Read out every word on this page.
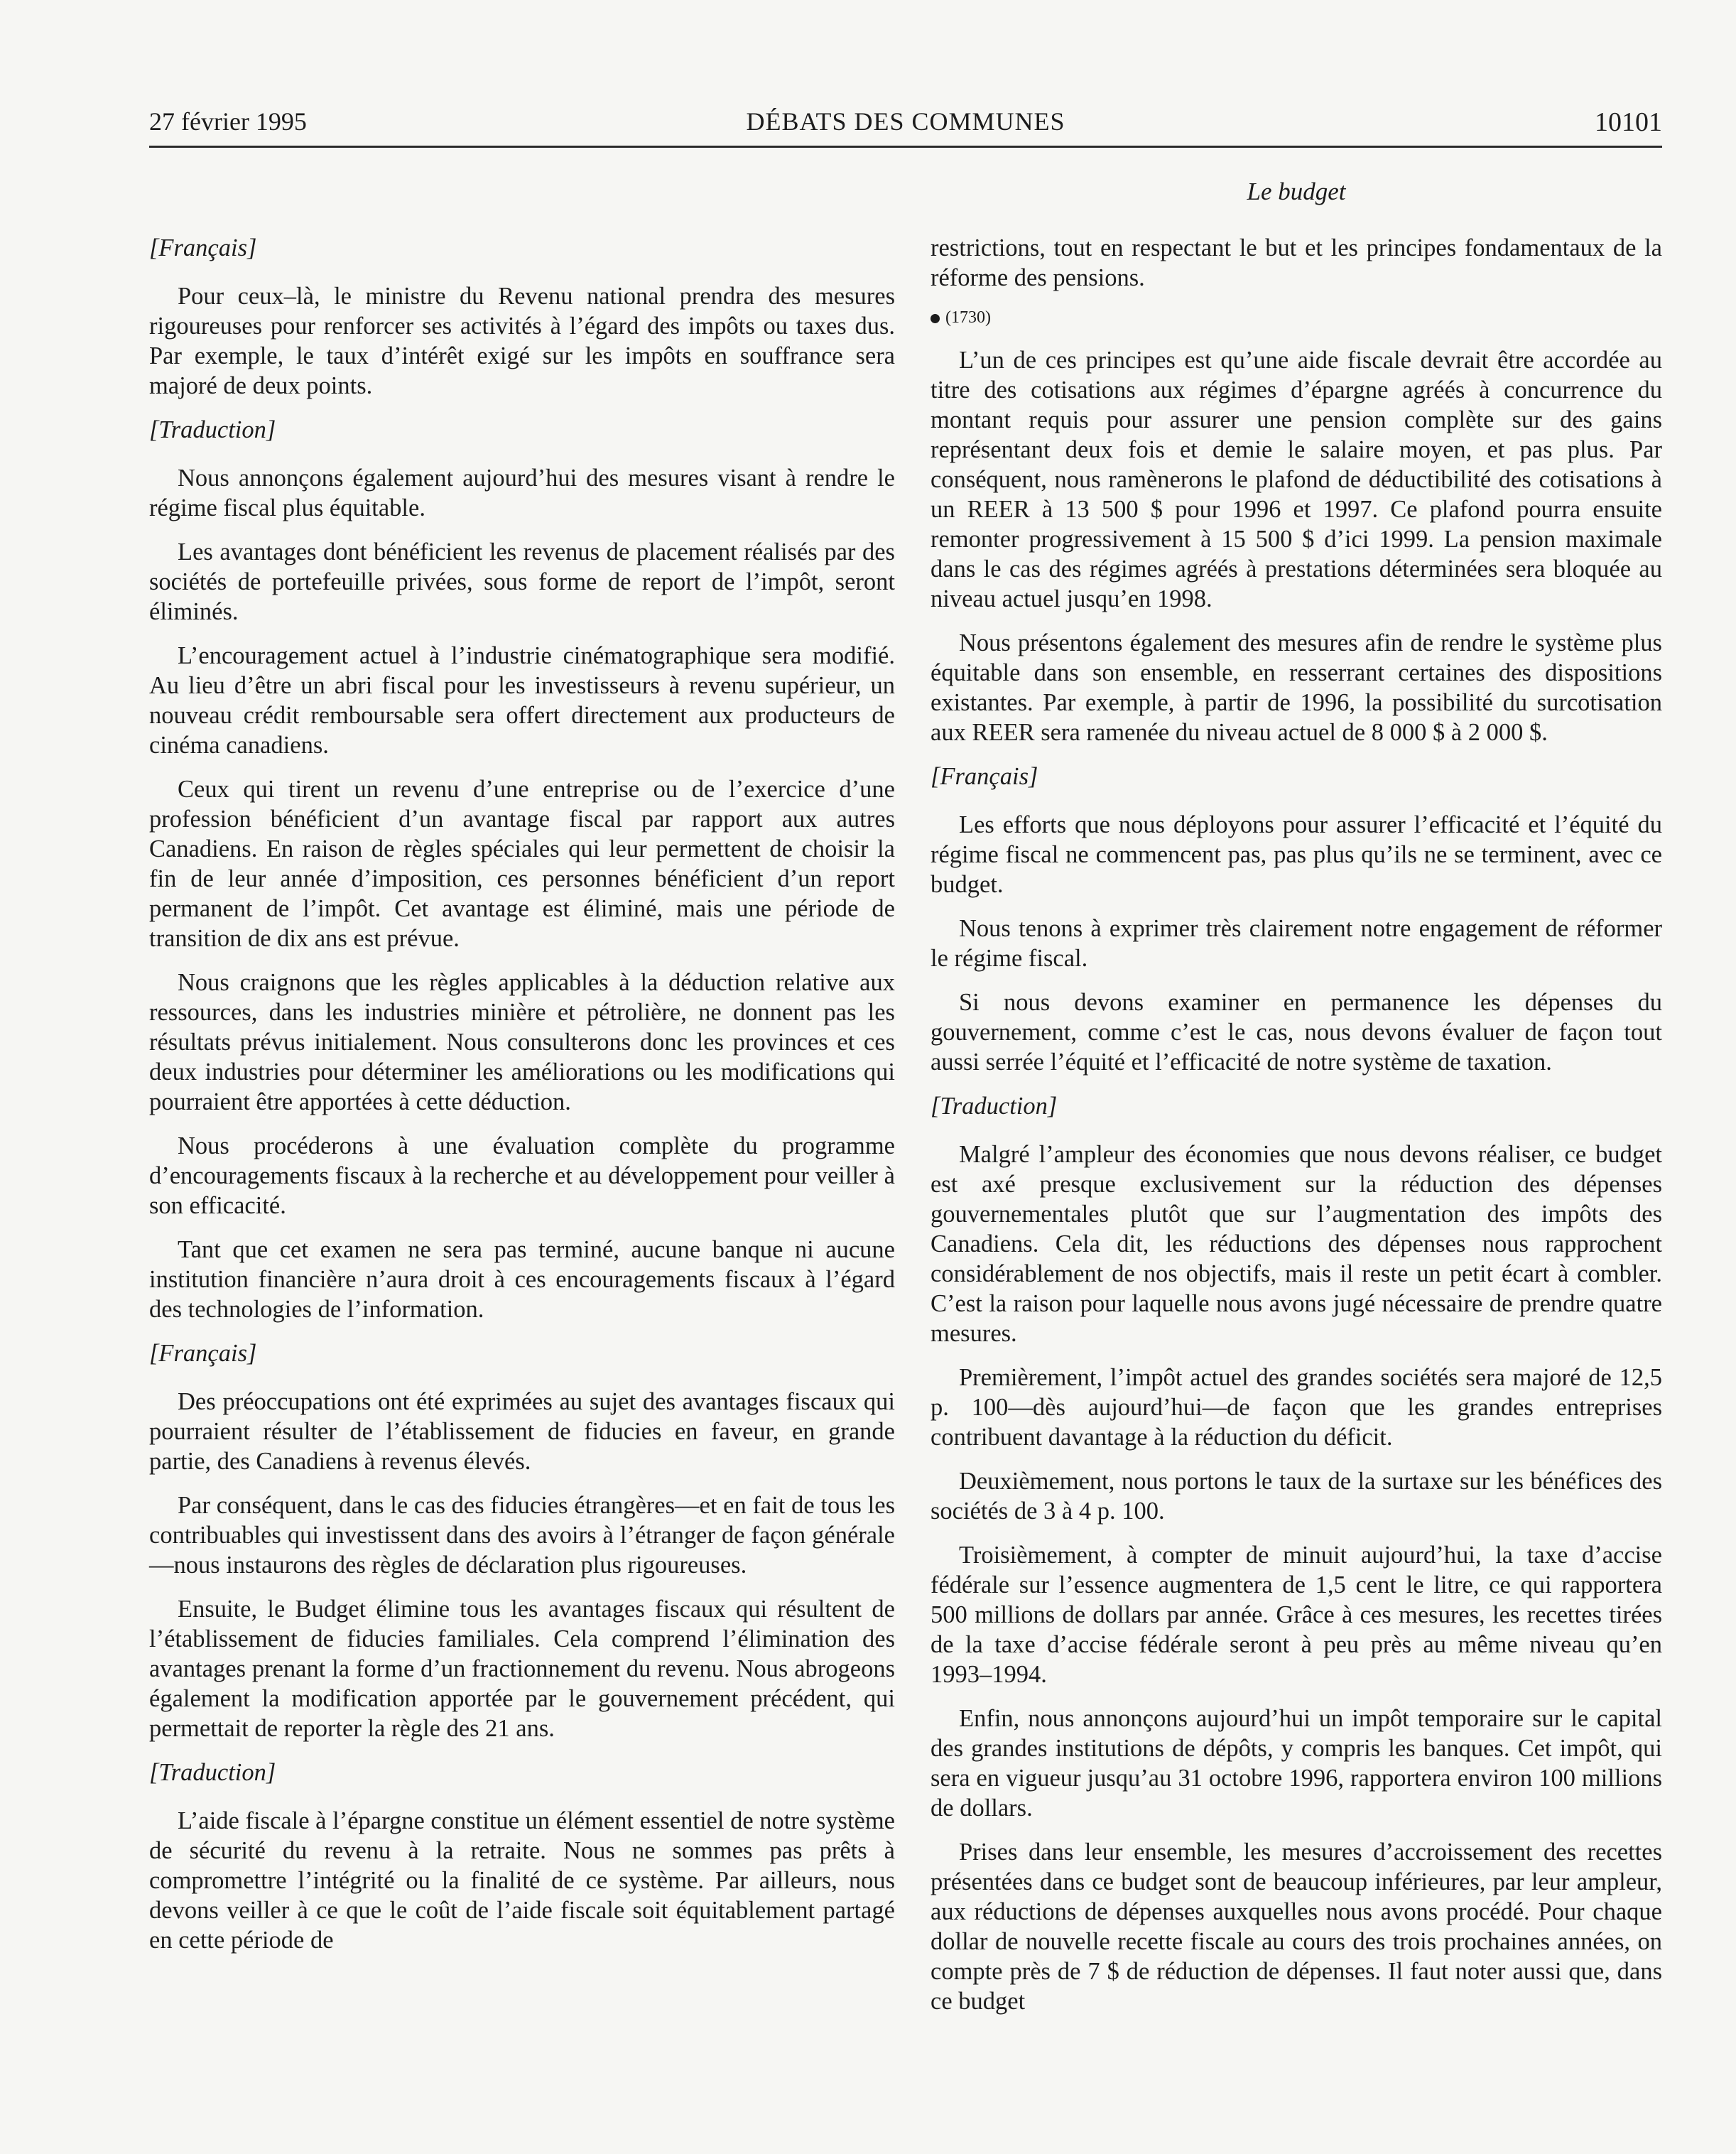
27 février 1995	DÉBATS DES COMMUNES	10101
Le budget
[Français]

Pour ceux–là, le ministre du Revenu national prendra des mesures rigoureuses pour renforcer ses activités à l’égard des impôts ou taxes dus. Par exemple, le taux d’intérêt exigé sur les impôts en souffrance sera majoré de deux points.

[Traduction]

Nous annonçons également aujourd’hui des mesures visant à rendre le régime fiscal plus équitable.

Les avantages dont bénéficient les revenus de placement réalisés par des sociétés de portefeuille privées, sous forme de report de l’impôt, seront éliminés.

L’encouragement actuel à l’industrie cinématographique sera modifié. Au lieu d’être un abri fiscal pour les investisseurs à revenu supérieur, un nouveau crédit remboursable sera offert directement aux producteurs de cinéma canadiens.

Ceux qui tirent un revenu d’une entreprise ou de l’exercice d’une profession bénéficient d’un avantage fiscal par rapport aux autres Canadiens. En raison de règles spéciales qui leur permettent de choisir la fin de leur année d’imposition, ces personnes bénéficient d’un report permanent de l’impôt. Cet avantage est éliminé, mais une période de transition de dix ans est prévue.

Nous craignons que les règles applicables à la déduction relative aux ressources, dans les industries minière et pétrolière, ne donnent pas les résultats prévus initialement. Nous consulterons donc les provinces et ces deux industries pour déterminer les améliorations ou les modifications qui pourraient être apportées à cette déduction.

Nous procéderons à une évaluation complète du programme d’encouragements fiscaux à la recherche et au développement pour veiller à son efficacité.

Tant que cet examen ne sera pas terminé, aucune banque ni aucune institution financière n’aura droit à ces encouragements fiscaux à l’égard des technologies de l’information.

[Français]

Des préoccupations ont été exprimées au sujet des avantages fiscaux qui pourraient résulter de l’établissement de fiducies en faveur, en grande partie, des Canadiens à revenus élevés.

Par conséquent, dans le cas des fiducies étrangères—et en fait de tous les contribuables qui investissent dans des avoirs à l’étranger de façon générale—nous instaurons des règles de déclaration plus rigoureuses.

Ensuite, le Budget élimine tous les avantages fiscaux qui résultent de l’établissement de fiducies familiales. Cela comprend l’élimination des avantages prenant la forme d’un fractionnement du revenu. Nous abrogeons également la modification apportée par le gouvernement précédent, qui permettait de reporter la règle des 21 ans.

[Traduction]

L’aide fiscale à l’épargne constitue un élément essentiel de notre système de sécurité du revenu à la retraite. Nous ne sommes pas prêts à compromettre l’intégrité ou la finalité de ce système. Par ailleurs, nous devons veiller à ce que le coût de l’aide fiscale soit équitablement partagé en cette période de

restrictions, tout en respectant le but et les principes fondamentaux de la réforme des pensions.

(1730)

L’un de ces principes est qu’une aide fiscale devrait être accordée au titre des cotisations aux régimes d’épargne agréés à concurrence du montant requis pour assurer une pension complète sur des gains représentant deux fois et demie le salaire moyen, et pas plus. Par conséquent, nous ramènerons le plafond de déductibilité des cotisations à un REER à 13 500 $ pour 1996 et 1997. Ce plafond pourra ensuite remonter progressivement à 15 500 $ d’ici 1999. La pension maximale dans le cas des régimes agréés à prestations déterminées sera bloquée au niveau actuel jusqu’en 1998.

Nous présentons également des mesures afin de rendre le système plus équitable dans son ensemble, en resserrant certaines des dispositions existantes. Par exemple, à partir de 1996, la possibilité du surcotisation aux REER sera ramenée du niveau actuel de 8 000 $ à 2 000 $.

[Français]

Les efforts que nous déployons pour assurer l’efficacité et l’équité du régime fiscal ne commencent pas, pas plus qu’ils ne se terminent, avec ce budget.

Nous tenons à exprimer très clairement notre engagement de réformer le régime fiscal.

Si nous devons examiner en permanence les dépenses du gouvernement, comme c’est le cas, nous devons évaluer de façon tout aussi serrée l’équité et l’efficacité de notre système de taxation.

[Traduction]

Malgré l’ampleur des économies que nous devons réaliser, ce budget est axé presque exclusivement sur la réduction des dépenses gouvernementales plutôt que sur l’augmentation des impôts des Canadiens. Cela dit, les réductions des dépenses nous rapprochent considérablement de nos objectifs, mais il reste un petit écart à combler. C’est la raison pour laquelle nous avons jugé nécessaire de prendre quatre mesures.

Premièrement, l’impôt actuel des grandes sociétés sera majoré de 12,5 p. 100—dès aujourd’hui—de façon que les grandes entreprises contribuent davantage à la réduction du déficit.

Deuxièmement, nous portons le taux de la surtaxe sur les bénéfices des sociétés de 3 à 4 p. 100.

Troisièmement, à compter de minuit aujourd’hui, la taxe d’accise fédérale sur l’essence augmentera de 1,5 cent le litre, ce qui rapportera 500 millions de dollars par année. Grâce à ces mesures, les recettes tirées de la taxe d’accise fédérale seront à peu près au même niveau qu’en 1993–1994.

Enfin, nous annonçons aujourd’hui un impôt temporaire sur le capital des grandes institutions de dépôts, y compris les banques. Cet impôt, qui sera en vigueur jusqu’au 31 octobre 1996, rapportera environ 100 millions de dollars.

Prises dans leur ensemble, les mesures d’accroissement des recettes présentées dans ce budget sont de beaucoup inférieures, par leur ampleur, aux réductions de dépenses auxquelles nous avons procédé. Pour chaque dollar de nouvelle recette fiscale au cours des trois prochaines années, on compte près de 7 $ de réduction de dépenses. Il faut noter aussi que, dans ce budget
